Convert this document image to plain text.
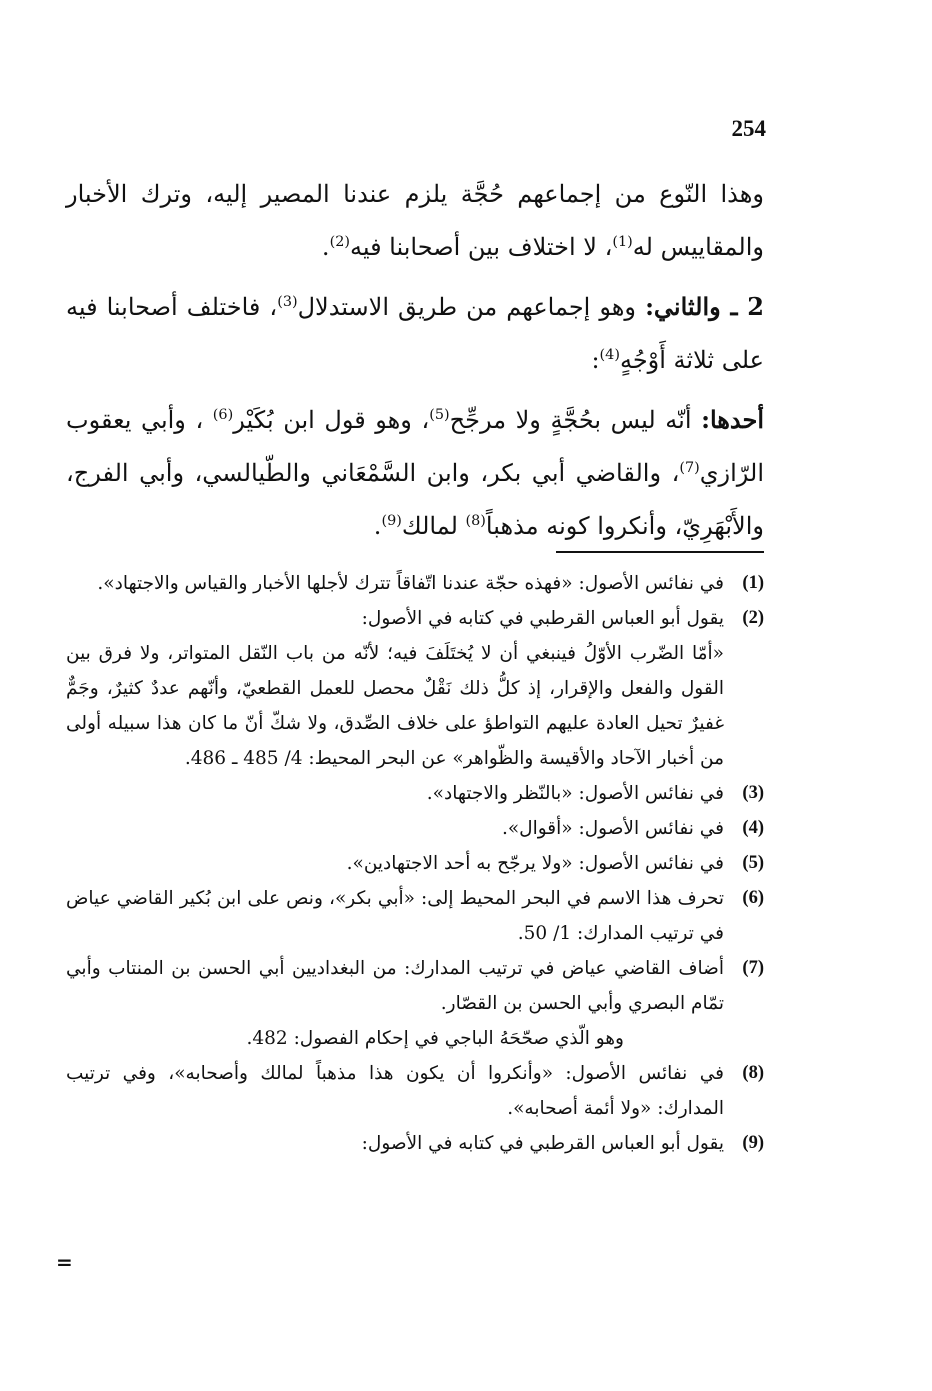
254

وهذا النّوع من إجماعهم حُجَّة يلزم عندنا المصير إليه، وترك الأخبار والمقاييس له$^{(1)}$، لا اختلاف بين أصحابنا فيه$^{(2)}$.

2 ـ والثاني: وهو إجماعهم من طريق الاستدلال$^{(3)}$، فاختلف أصحابنا فيه على ثلاثة أَوْجُهٍ$^{(4)}$:

أحدها: أنّه ليس بحُجَّةٍ ولا مرجِّح$^{(5)}$، وهو قول ابن بُكَيْر$^{(6)}$ ، وأبي يعقوب الرّازي$^{(7)}$، والقاضي أبي بكر، وابن السَّمْعَاني والطّيالسي، وأبي الفرج، والأَبْهَرِيّ، وأنكروا كونه مذهباً$^{(8)}$ لمالك$^{(9)}$.

(1)
في نفائس الأصول: «فهذه حجّة عندنا اتّفاقاً تترك لأجلها الأخبار والقياس والاجتهاد».
(2)
يقول أبو العباس القرطبي في كتابه في الأصول:
«أمّا الضّرب الأوّلُ فينبغي أن لا يُختَلَفَ فيه؛ لأنّه من باب النّقل المتواتر، ولا فرق بين القول والفعل والإقرار، إذ كلُّ ذلك نَقْلٌ محصل للعمل القطعيّ، وأنّهم عددٌ كثيرٌ، وجَمٌّ غفيرٌ تحيل العادة عليهم التواطؤ على خلاف الصِّدق، ولا شكّ أنّ ما كان هذا سبيله أولى من أخبار الآحاد والأقيسة والظّواهر» عن البحر المحيط: 4/ 485 ـ 486.
(3)
في نفائس الأصول: «بالنّظر والاجتهاد».
(4)
في نفائس الأصول: «أقوال».
(5)
في نفائس الأصول: «ولا يرجّح به أحد الاجتهادين».
(6)
تحرف هذا الاسم في البحر المحيط إلى: «أبي بكر»، ونص على ابن بُكير القاضي عياض في ترتيب المدارك: 1/ 50.
(7)
أضاف القاضي عياض في ترتيب المدارك: من البغداديين أبي الحسن بن المنتاب وأبي تمّام البصري وأبي الحسن بن القصّار.
وهو الّذي صحّحَهُ الباجي في إحكام الفصول: 482.
(8)
في نفائس الأصول: «وأنكروا أن يكون هذا مذهباً لمالك وأصحابه»، وفي ترتيب المدارك: «ولا أئمة أصحابه».
(9)
يقول أبو العباس القرطبي في كتابه في الأصول:
=
